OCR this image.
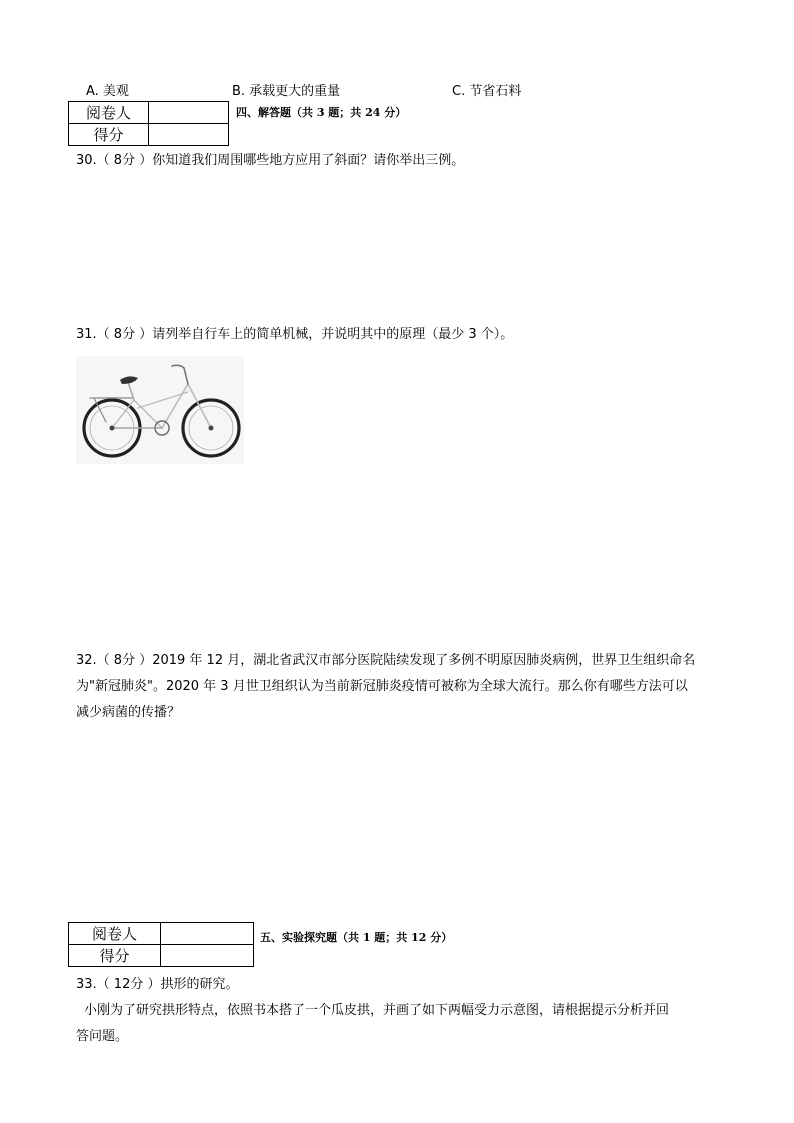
A. 美观	B. 承载更大的重量	C. 节省石料
阅卷人	
得分	
四、解答题（共 3 题；共 24 分）
30.（ 8分 ）你知道我们周围哪些地方应用了斜面？请你举出三例。
31.（ 8分 ）请列举自行车上的简单机械，并说明其中的原理（最少 3 个）。
32.（ 8分 ）2019 年 12 月，湖北省武汉市部分医院陆续发现了多例不明原因肺炎病例，世界卫生组织命名
为"新冠肺炎"。2020 年 3 月世卫组织认为当前新冠肺炎疫情可被称为全球大流行。那么你有哪些方法可以
减少病菌的传播？
阅卷人	
得分	
五、实验探究题（共 1 题；共 12 分）
33.（ 12分 ）拱形的研究。
小刚为了研究拱形特点，依照书本搭了一个瓜皮拱，并画了如下两幅受力示意图，请根据提示分析并回
答问题。
